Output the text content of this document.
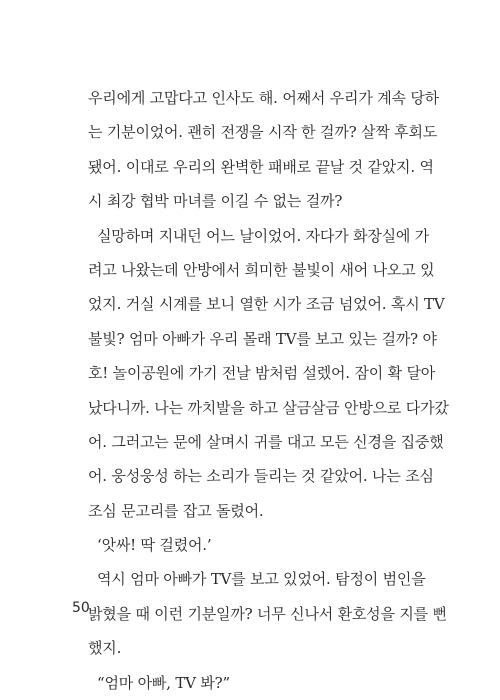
우리에게 고맙다고 인사도 해. 어째서 우리가 계속 당하
는 기분이었어. 괜히 전쟁을 시작 한 걸까? 살짝 후회도
됐어. 이대로 우리의 완벽한 패배로 끝날 것 같았지. 역
시 최강 협박 마녀를 이길 수 없는 걸까?
실망하며 지내던 어느 날이었어. 자다가 화장실에 가
려고 나왔는데 안방에서 희미한 불빛이 새어 나오고 있
었지. 거실 시계를 보니 열한 시가 조금 넘었어. 혹시 TV
불빛? 엄마 아빠가 우리 몰래 TV를 보고 있는 걸까? 야
호! 놀이공원에 가기 전날 밤처럼 설렜어. 잠이 확 달아
났다니까. 나는 까치발을 하고 살금살금 안방으로 다가갔
어. 그러고는 문에 살며시 귀를 대고 모든 신경을 집중했
어. 웅성웅성 하는 소리가 들리는 것 같았어. 나는 조심
조심 문고리를 잡고 돌렸어.
‘앗싸! 딱 걸렸어.’
역시 엄마 아빠가 TV를 보고 있었어. 탐정이 범인을
밝혔을 때 이런 기분일까? 너무 신나서 환호성을 지를 뻔
했지.
“엄마 아빠, TV 봐?”
50
